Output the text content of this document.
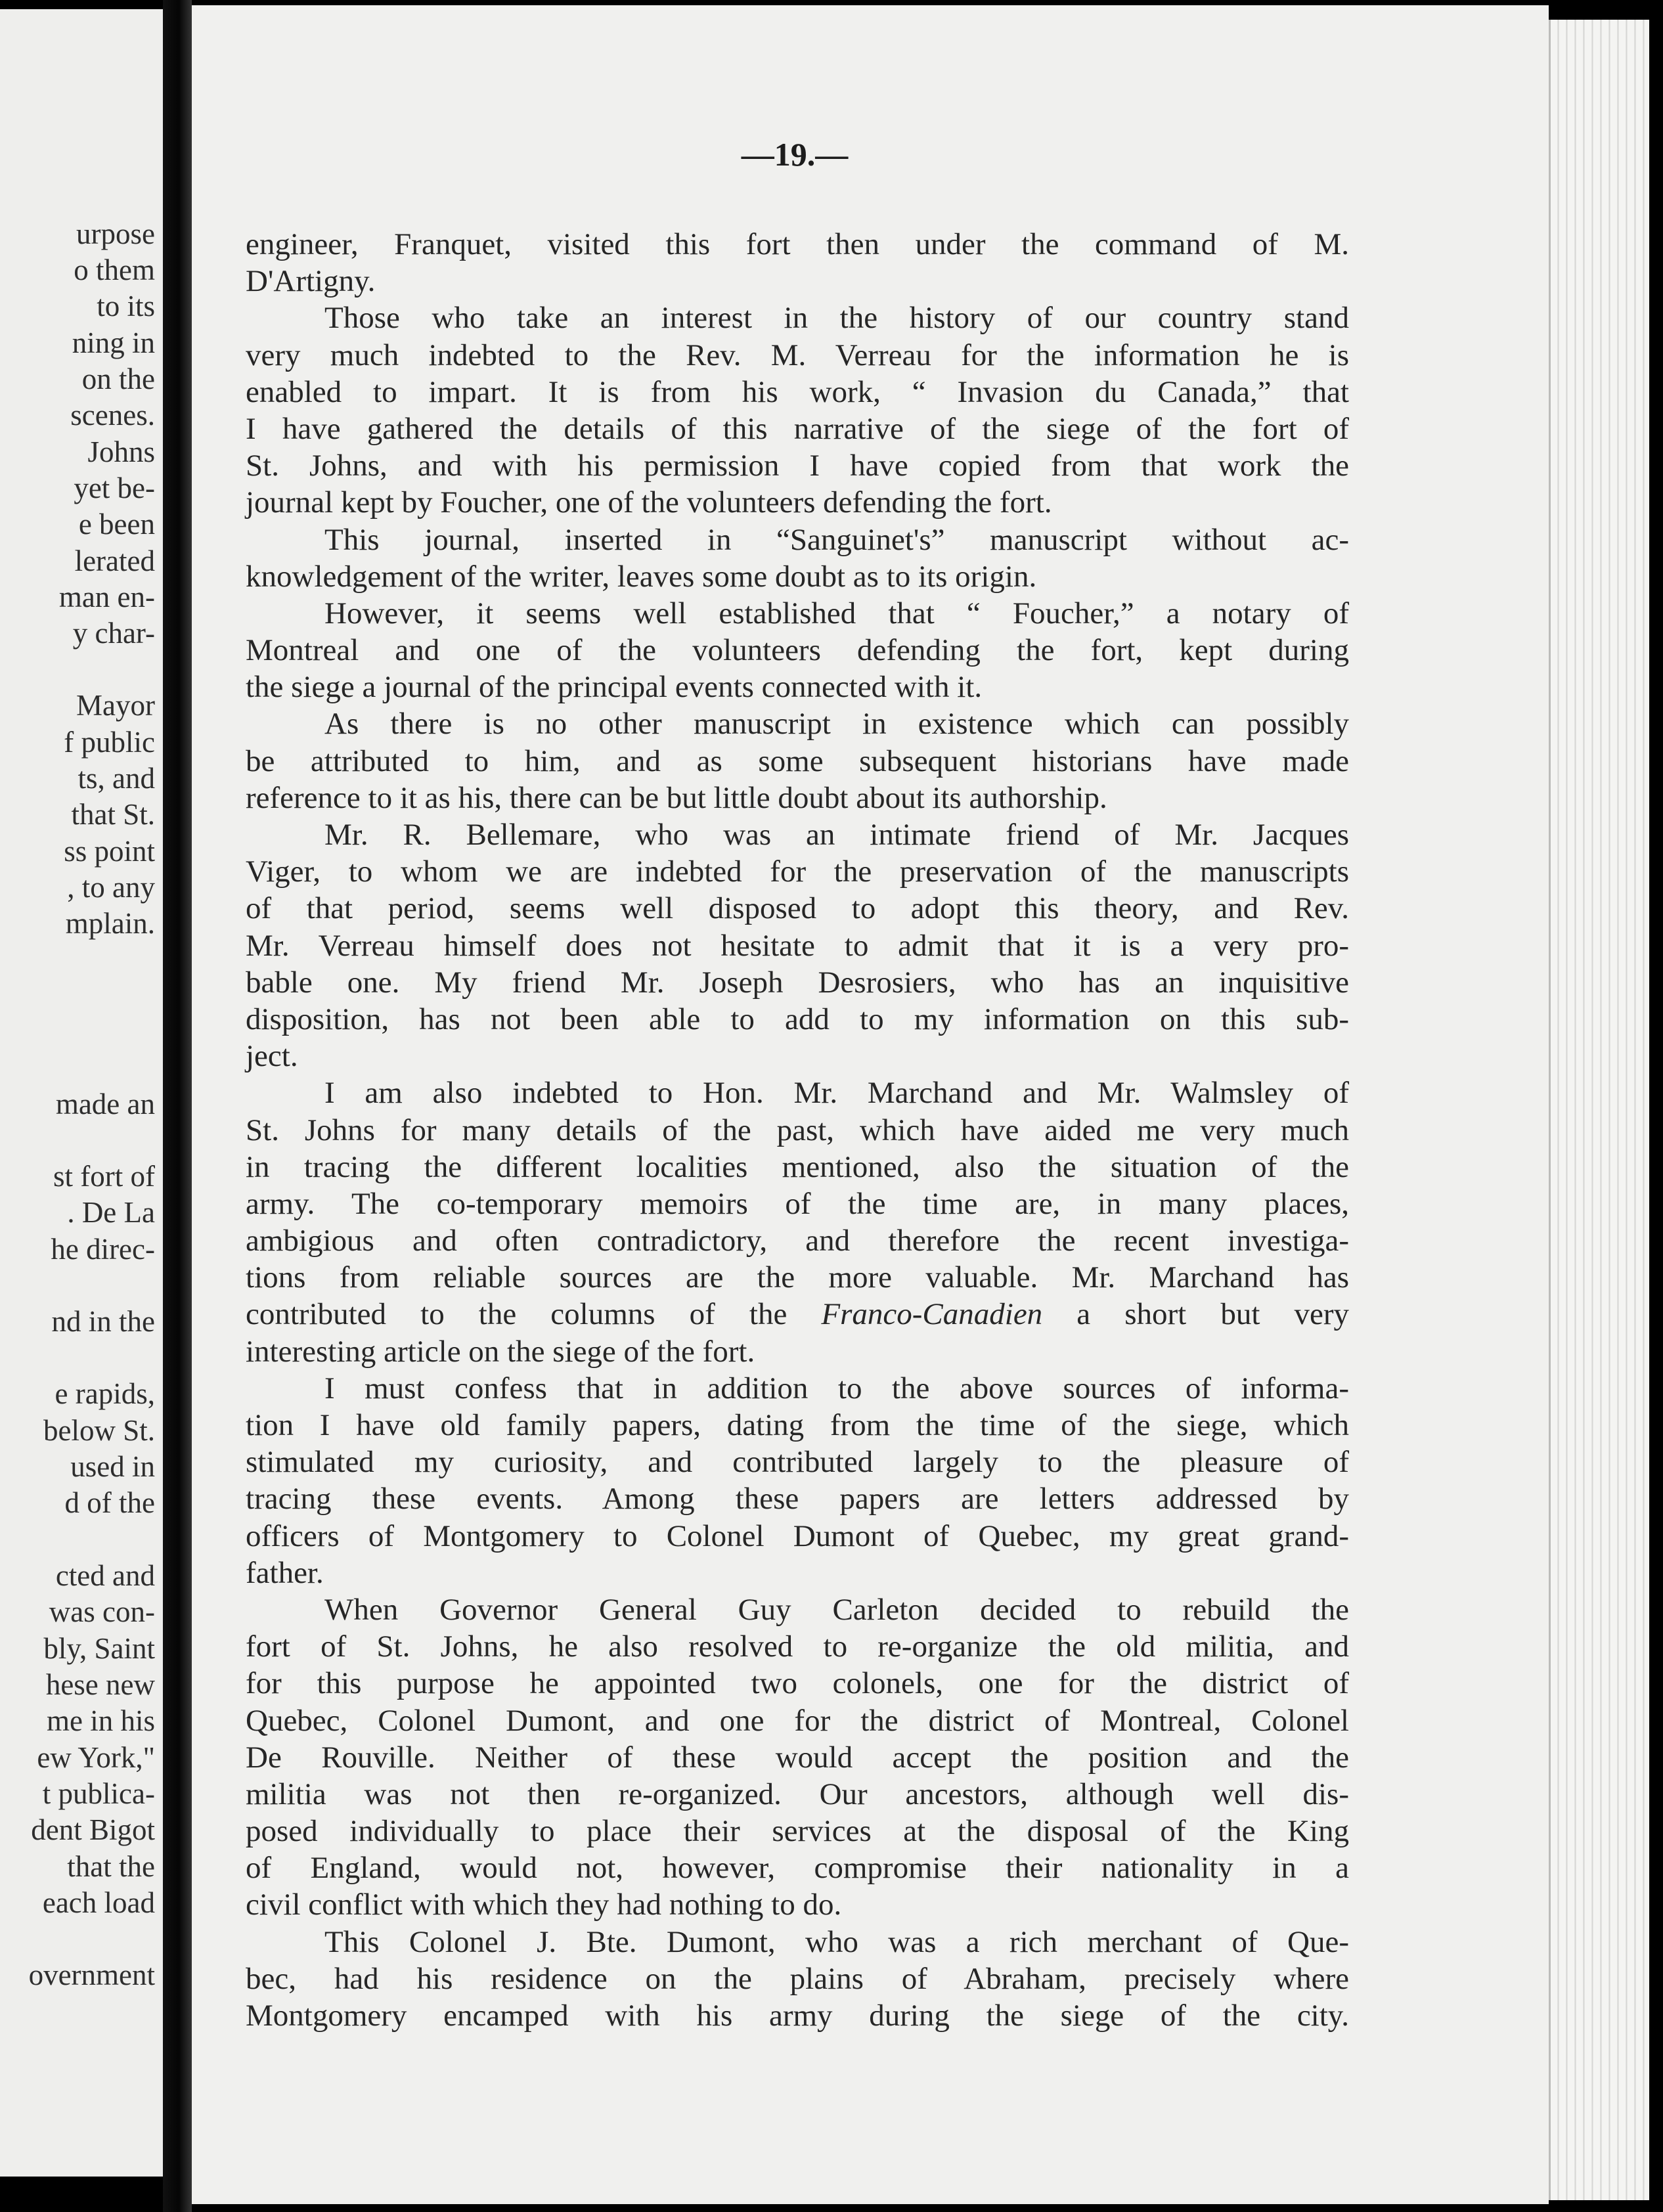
urpose
o them
to its
ning in
on the
scenes.
Johns
yet be-
e been
lerated
man en-
y char-
Mayor
f public
ts, and
that St.
ss point
, to any
mplain.
made an
st fort of
. De La
he direc-
nd in the
e rapids,
below St.
used in
d of the
cted and
was con-
bly, Saint
hese new
me in his
ew York,"
t publica-
dent Bigot
that the
each load
overnment
—19.—
engineer, Franquet, visited this fort then under the command of M.
D'Artigny.
Those who take an interest in the history of our country stand
very much indebted to the Rev. M. Verreau for the information he is
enabled to impart. It is from his work, “ Invasion du Canada,” that
I have gathered the details of this narrative of the siege of the fort of
St. Johns, and with his permission I have copied from that work the
journal kept by Foucher, one of the volunteers defending the fort.
This journal, inserted in “Sanguinet's” manuscript without ac-
knowledgement of the writer, leaves some doubt as to its origin.
However, it seems well established that “ Foucher,” a notary of
Montreal and one of the volunteers defending the fort, kept during
the siege a journal of the principal events connected with it.
As there is no other manuscript in existence which can possibly
be attributed to him, and as some subsequent historians have made
reference to it as his, there can be but little doubt about its authorship.
Mr. R. Bellemare, who was an intimate friend of Mr. Jacques
Viger, to whom we are indebted for the preservation of the manuscripts
of that period, seems well disposed to adopt this theory, and Rev.
Mr. Verreau himself does not hesitate to admit that it is a very pro-
bable one. My friend Mr. Joseph Desrosiers, who has an inquisitive
disposition, has not been able to add to my information on this sub-
ject.
I am also indebted to Hon. Mr. Marchand and Mr. Walmsley of
St. Johns for many details of the past, which have aided me very much
in tracing the different localities mentioned, also the situation of the
army. The co-temporary memoirs of the time are, in many places,
ambigious and often contradictory, and therefore the recent investiga-
tions from reliable sources are the more valuable. Mr. Marchand has
contributed to the columns of the Franco-Canadien a short but very
interesting article on the siege of the fort.
I must confess that in addition to the above sources of informa-
tion I have old family papers, dating from the time of the siege, which
stimulated my curiosity, and contributed largely to the pleasure of
tracing these events. Among these papers are letters addressed by
officers of Montgomery to Colonel Dumont of Quebec, my great grand-
father.
When Governor General Guy Carleton decided to rebuild the
fort of St. Johns, he also resolved to re-organize the old militia, and
for this purpose he appointed two colonels, one for the district of
Quebec, Colonel Dumont, and one for the district of Montreal, Colonel
De Rouville. Neither of these would accept the position and the
militia was not then re-organized. Our ancestors, although well dis-
posed individually to place their services at the disposal of the King
of England, would not, however, compromise their nationality in a
civil conflict with which they had nothing to do.
This Colonel J. Bte. Dumont, who was a rich merchant of Que-
bec, had his residence on the plains of Abraham, precisely where
Montgomery encamped with his army during the siege of the city.
